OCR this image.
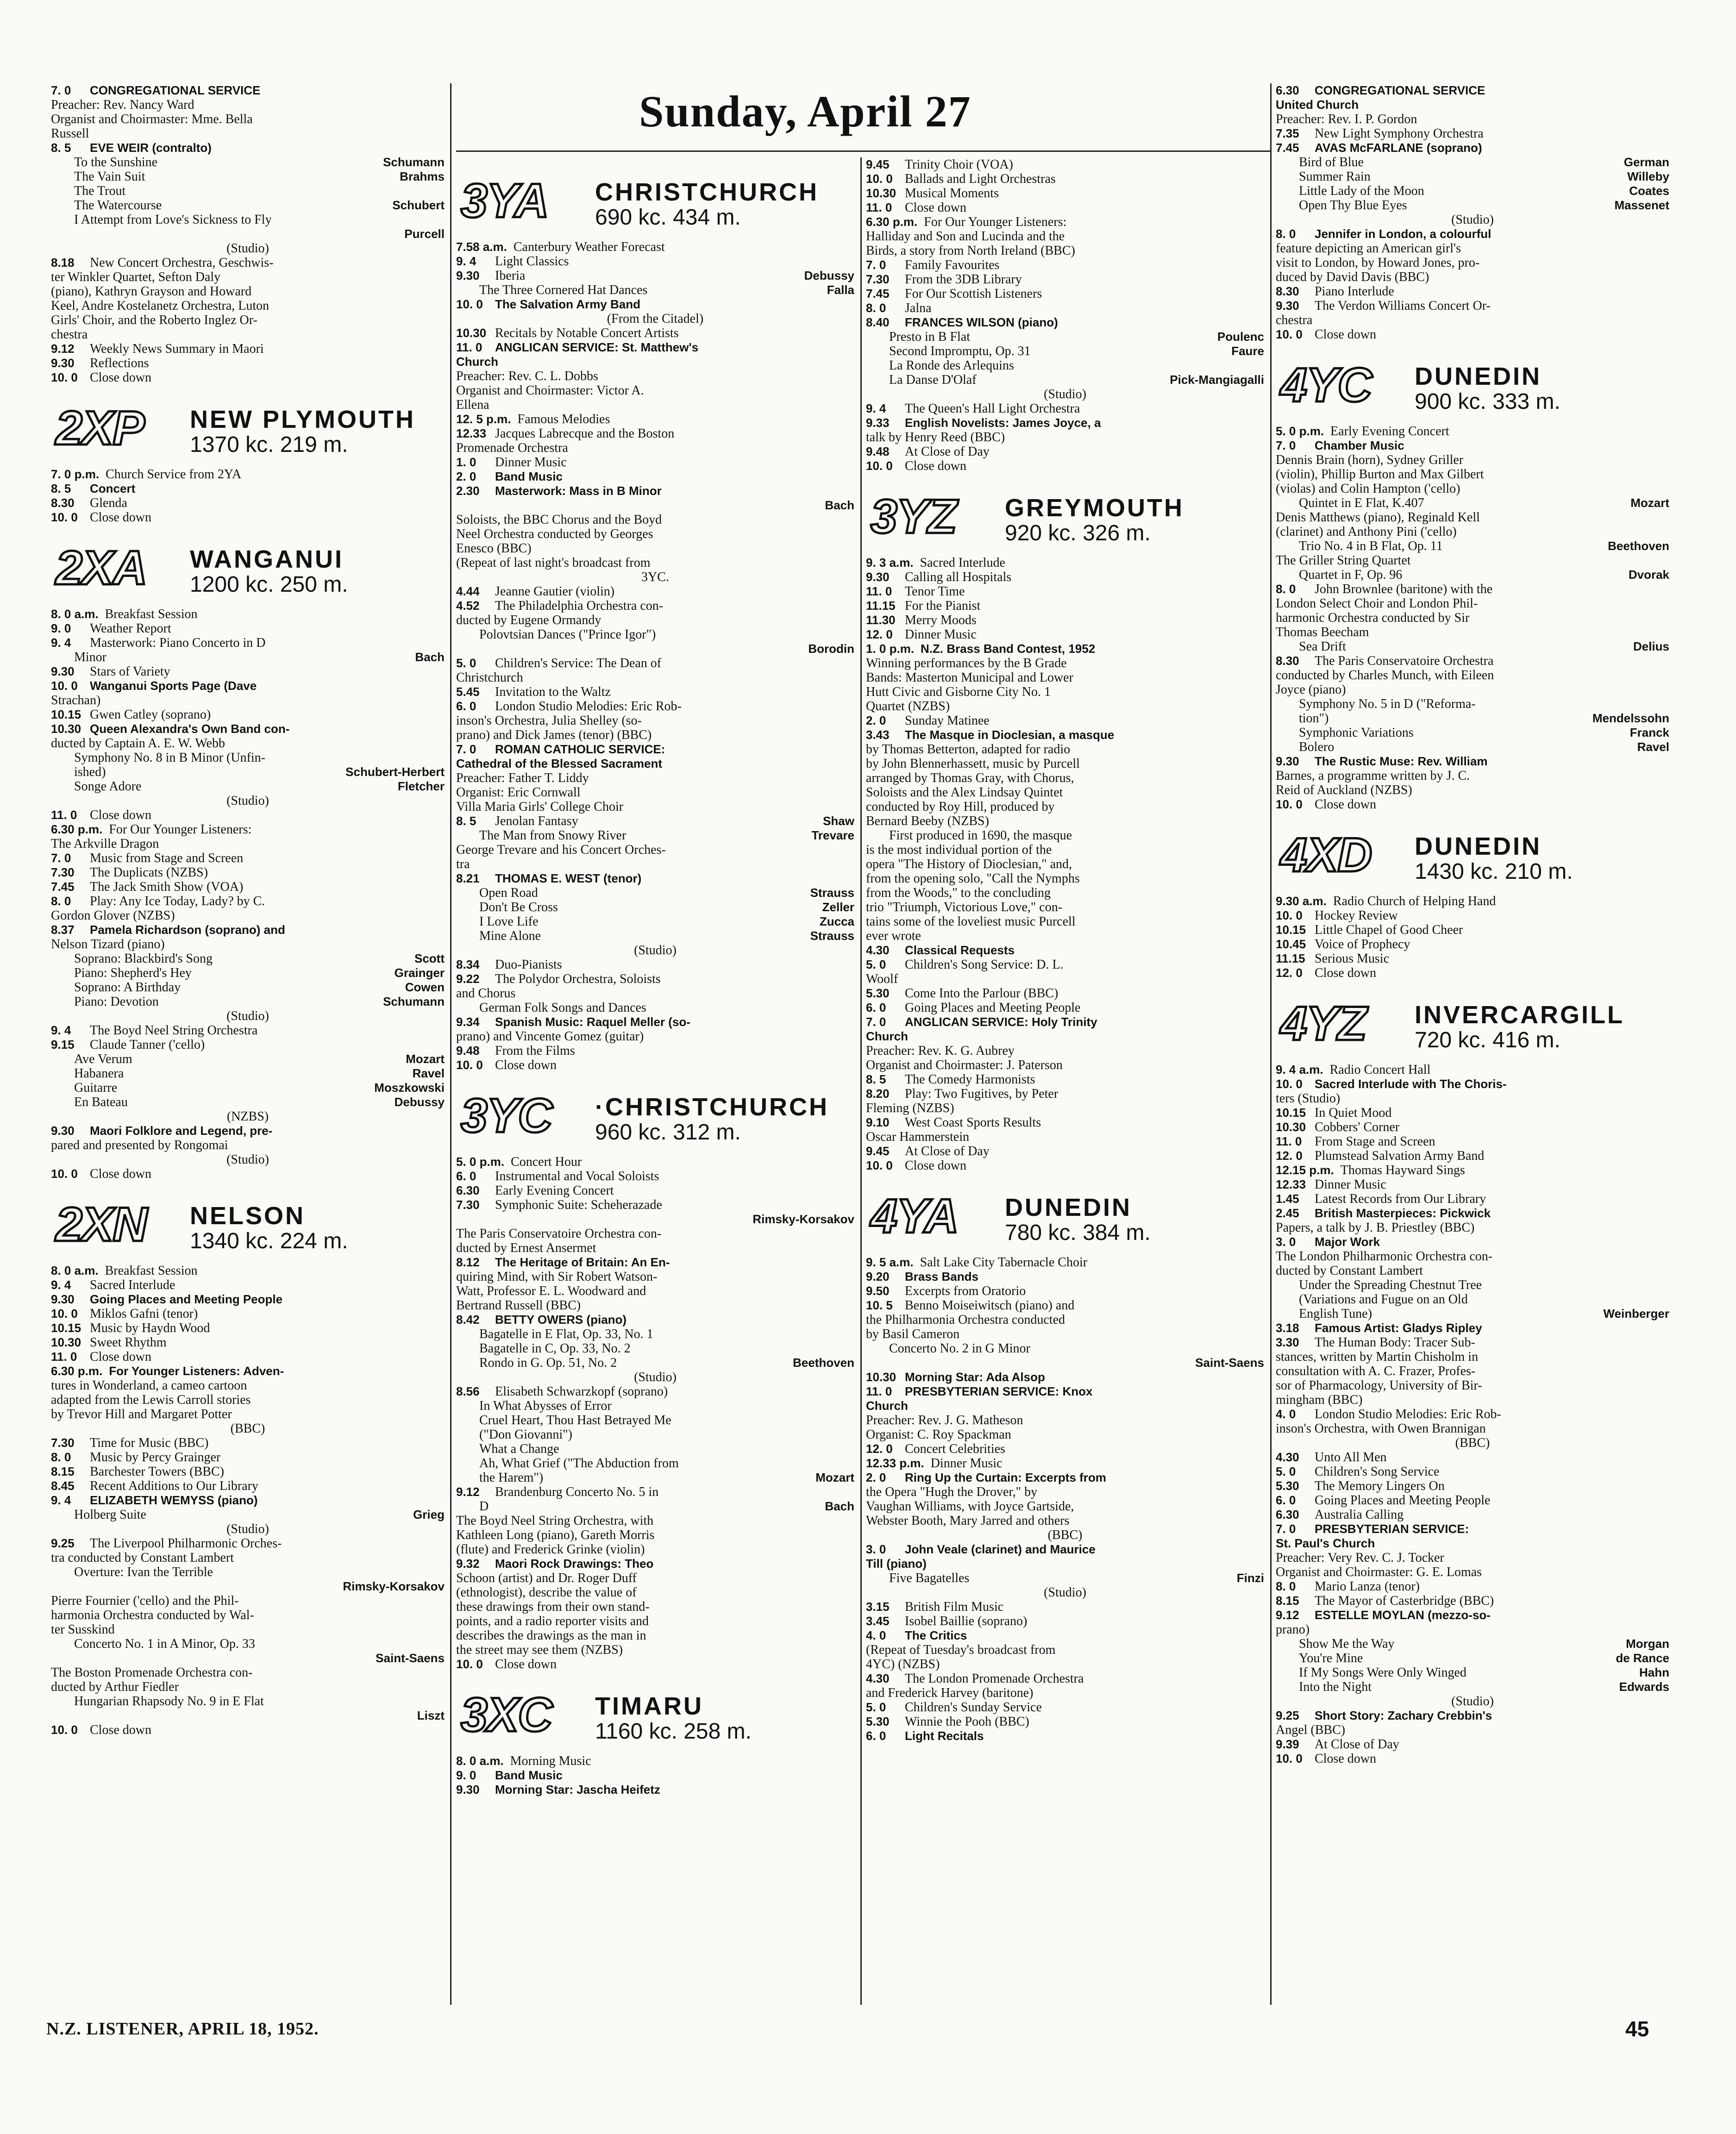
Sunday, April 27
7. 0 CONGREGATIONAL SERVICE
Preacher: Rev. Nancy Ward
Organist and Choirmaster: Mme. Bella
Russell
8. 5 EVE WEIR (contralto)
To the Sunshine	Schumann
The Vain Suit	Brahms
The Trout
The Watercourse	Schubert
I Attempt from Love's Sickness to Fly
Purcell
(Studio)
8.18 New Concert Orchestra, Geschwis-
ter Winkler Quartet, Sefton Daly
(piano), Kathryn Grayson and Howard
Keel, Andre Kostelanetz Orchestra, Luton
Girls' Choir, and the Roberto Inglez Or-
chestra
9.12 Weekly News Summary in Maori
9.30 Reflections
10. 0 Close down
2XP	NEW PLYMOUTH
1370 kc. 219 m.
7. 0 p.m. Church Service from 2YA
8. 5 Concert
8.30 Glenda
10. 0 Close down
2XA	WANGANUI
1200 kc. 250 m.
8. 0 a.m. Breakfast Session
9. 0 Weather Report
9. 4 Masterwork: Piano Concerto in D
Minor	Bach
9.30 Stars of Variety
10. 0 Wanganui Sports Page (Dave
Strachan)
10.15 Gwen Catley (soprano)
10.30 Queen Alexandra's Own Band con-
ducted by Captain A. E. W. Webb
Symphony No. 8 in B Minor (Unfin-
ished)	Schubert-Herbert
Songe Adore	Fletcher
(Studio)
11. 0 Close down
6.30 p.m. For Our Younger Listeners:
The Arkville Dragon
7. 0 Music from Stage and Screen
7.30 The Duplicats (NZBS)
7.45 The Jack Smith Show (VOA)
8. 0 Play: Any Ice Today, Lady? by C.
Gordon Glover (NZBS)
8.37 Pamela Richardson (soprano) and
Nelson Tizard (piano)
Soprano: Blackbird's Song	Scott
Piano: Shepherd's Hey	Grainger
Soprano: A Birthday	Cowen
Piano: Devotion	Schumann
(Studio)
9. 4 The Boyd Neel String Orchestra
9.15 Claude Tanner ('cello)
Ave Verum	Mozart
Habanera	Ravel
Guitarre	Moszkowski
En Bateau	Debussy
(NZBS)
9.30 Maori Folklore and Legend, pre-
pared and presented by Rongomai
(Studio)
10. 0 Close down
2XN	NELSON
1340 kc. 224 m.
8. 0 a.m. Breakfast Session
9. 4 Sacred Interlude
9.30 Going Places and Meeting People
10. 0 Miklos Gafni (tenor)
10.15 Music by Haydn Wood
10.30 Sweet Rhythm
11. 0 Close down
6.30 p.m. For Younger Listeners: Adven-
tures in Wonderland, a cameo cartoon
adapted from the Lewis Carroll stories
by Trevor Hill and Margaret Potter
(BBC)
7.30 Time for Music (BBC)
8. 0 Music by Percy Grainger
8.15 Barchester Towers (BBC)
8.45 Recent Additions to Our Library
9. 4 ELIZABETH WEMYSS (piano)
Holberg Suite	Grieg
(Studio)
9.25 The Liverpool Philharmonic Orches-
tra conducted by Constant Lambert
Overture: Ivan the Terrible
Rimsky-Korsakov
Pierre Fournier ('cello) and the Phil-
harmonia Orchestra conducted by Wal-
ter Susskind
Concerto No. 1 in A Minor, Op. 33
Saint-Saens
The Boston Promenade Orchestra con-
ducted by Arthur Fiedler
Hungarian Rhapsody No. 9 in E Flat
Liszt
10. 0 Close down
3YA	CHRISTCHURCH
690 kc. 434 m.
7.58 a.m. Canterbury Weather Forecast
9. 4 Light Classics
9.30 Iberia	Debussy
The Three Cornered Hat Dances	Falla
10. 0 The Salvation Army Band
(From the Citadel)
10.30 Recitals by Notable Concert Artists
11. 0 ANGLICAN SERVICE: St. Matthew's
Church
Preacher: Rev. C. L. Dobbs
Organist and Choirmaster: Victor A.
Ellena
12. 5 p.m. Famous Melodies
12.33 Jacques Labrecque and the Boston
Promenade Orchestra
1. 0 Dinner Music
2. 0 Band Music
2.30 Masterwork: Mass in B Minor
Bach
Soloists, the BBC Chorus and the Boyd
Neel Orchestra conducted by Georges
Enesco (BBC)
(Repeat of last night's broadcast from
3YC.
4.44 Jeanne Gautier (violin)
4.52 The Philadelphia Orchestra con-
ducted by Eugene Ormandy
Polovtsian Dances ("Prince Igor")
Borodin
5. 0 Children's Service: The Dean of
Christchurch
5.45 Invitation to the Waltz
6. 0 London Studio Melodies: Eric Rob-
inson's Orchestra, Julia Shelley (so-
prano) and Dick James (tenor) (BBC)
7. 0 ROMAN CATHOLIC SERVICE:
Cathedral of the Blessed Sacrament
Preacher: Father T. Liddy
Organist: Eric Cornwall
Villa Maria Girls' College Choir
8. 5 Jenolan Fantasy	Shaw
The Man from Snowy River	Trevare
George Trevare and his Concert Orches-
tra
8.21 THOMAS E. WEST (tenor)
Open Road	Strauss
Don't Be Cross	Zeller
I Love Life	Zucca
Mine Alone	Strauss
(Studio)
8.34 Duo-Pianists
9.22 The Polydor Orchestra, Soloists
and Chorus
German Folk Songs and Dances
9.34 Spanish Music: Raquel Meller (so-
prano) and Vincente Gomez (guitar)
9.48 From the Films
10. 0 Close down
3YC	·CHRISTCHURCH
960 kc. 312 m.
5. 0 p.m. Concert Hour
6. 0 Instrumental and Vocal Soloists
6.30 Early Evening Concert
7.30 Symphonic Suite: Scheherazade
Rimsky-Korsakov
The Paris Conservatoire Orchestra con-
ducted by Ernest Ansermet
8.12 The Heritage of Britain: An En-
quiring Mind, with Sir Robert Watson-
Watt, Professor E. L. Woodward and
Bertrand Russell (BBC)
8.42 BETTY OWERS (piano)
Bagatelle in E Flat, Op. 33, No. 1
Bagatelle in C, Op. 33, No. 2
Rondo in G. Op. 51, No. 2	Beethoven
(Studio)
8.56 Elisabeth Schwarzkopf (soprano)
In What Abysses of Error
Cruel Heart, Thou Hast Betrayed Me
("Don Giovanni")
What a Change
Ah, What Grief ("The Abduction from
the Harem")	Mozart
9.12 Brandenburg Concerto No. 5 in
D	Bach
The Boyd Neel String Orchestra, with
Kathleen Long (piano), Gareth Morris
(flute) and Frederick Grinke (violin)
9.32 Maori Rock Drawings: Theo
Schoon (artist) and Dr. Roger Duff
(ethnologist), describe the value of
these drawings from their own stand-
points, and a radio reporter visits and
describes the drawings as the man in
the street may see them (NZBS)
10. 0 Close down
3XC	TIMARU
1160 kc. 258 m.
8. 0 a.m. Morning Music
9. 0 Band Music
9.30 Morning Star: Jascha Heifetz
9.45 Trinity Choir (VOA)
10. 0 Ballads and Light Orchestras
10.30 Musical Moments
11. 0 Close down
6.30 p.m. For Our Younger Listeners:
Halliday and Son and Lucinda and the
Birds, a story from North Ireland (BBC)
7. 0 Family Favourites
7.30 From the 3DB Library
7.45 For Our Scottish Listeners
8. 0 Jalna
8.40 FRANCES WILSON (piano)
Presto in B Flat	Poulenc
Second Impromptu, Op. 31	Faure
La Ronde des Arlequins
La Danse D'Olaf	Pick-Mangiagalli
(Studio)
9. 4 The Queen's Hall Light Orchestra
9.33 English Novelists: James Joyce, a
talk by Henry Reed (BBC)
9.48 At Close of Day
10. 0 Close down
3YZ	GREYMOUTH
920 kc. 326 m.
9. 3 a.m. Sacred Interlude
9.30 Calling all Hospitals
11. 0 Tenor Time
11.15 For the Pianist
11.30 Merry Moods
12. 0 Dinner Music
1. 0 p.m. N.Z. Brass Band Contest, 1952
Winning performances by the B Grade
Bands: Masterton Municipal and Lower
Hutt Civic and Gisborne City No. 1
Quartet (NZBS)
2. 0 Sunday Matinee
3.43 The Masque in Dioclesian, a masque
by Thomas Betterton, adapted for radio
by John Blennerhassett, music by Purcell
arranged by Thomas Gray, with Chorus,
Soloists and the Alex Lindsay Quintet
conducted by Roy Hill, produced by
Bernard Beeby (NZBS)
First produced in 1690, the masque
is the most individual portion of the
opera "The History of Dioclesian," and,
from the opening solo, "Call the Nymphs
from the Woods," to the concluding
trio "Triumph, Victorious Love," con-
tains some of the loveliest music Purcell
ever wrote
4.30 Classical Requests
5. 0 Children's Song Service: D. L.
Woolf
5.30 Come Into the Parlour (BBC)
6. 0 Going Places and Meeting People
7. 0 ANGLICAN SERVICE: Holy Trinity
Church
Preacher: Rev. K. G. Aubrey
Organist and Choirmaster: J. Paterson
8. 5 The Comedy Harmonists
8.20 Play: Two Fugitives, by Peter
Fleming (NZBS)
9.10 West Coast Sports Results
Oscar Hammerstein
9.45 At Close of Day
10. 0 Close down
4YA	DUNEDIN
780 kc. 384 m.
9. 5 a.m. Salt Lake City Tabernacle Choir
9.20 Brass Bands
9.50 Excerpts from Oratorio
10. 5 Benno Moiseiwitsch (piano) and
the Philharmonia Orchestra conducted
by Basil Cameron
Concerto No. 2 in G Minor
Saint-Saens
10.30 Morning Star: Ada Alsop
11. 0 PRESBYTERIAN SERVICE: Knox
Church
Preacher: Rev. J. G. Matheson
Organist: C. Roy Spackman
12. 0 Concert Celebrities
12.33 p.m. Dinner Music
2. 0 Ring Up the Curtain: Excerpts from
the Opera "Hugh the Drover," by
Vaughan Williams, with Joyce Gartside,
Webster Booth, Mary Jarred and others
(BBC)
3. 0 John Veale (clarinet) and Maurice
Till (piano)
Five Bagatelles	Finzi
(Studio)
3.15 British Film Music
3.45 Isobel Baillie (soprano)
4. 0 The Critics
(Repeat of Tuesday's broadcast from
4YC) (NZBS)
4.30 The London Promenade Orchestra
and Frederick Harvey (baritone)
5. 0 Children's Sunday Service
5.30 Winnie the Pooh (BBC)
6. 0 Light Recitals
6.30 CONGREGATIONAL SERVICE
United Church
Preacher: Rev. I. P. Gordon
7.35 New Light Symphony Orchestra
7.45 AVAS McFARLANE (soprano)
Bird of Blue	German
Summer Rain	Willeby
Little Lady of the Moon	Coates
Open Thy Blue Eyes	Massenet
(Studio)
8. 0 Jennifer in London, a colourful
feature depicting an American girl's
visit to London, by Howard Jones, pro-
duced by David Davis (BBC)
8.30 Piano Interlude
9.30 The Verdon Williams Concert Or-
chestra
10. 0 Close down
4YC	DUNEDIN
900 kc. 333 m.
5. 0 p.m. Early Evening Concert
7. 0 Chamber Music
Dennis Brain (horn), Sydney Griller
(violin), Phillip Burton and Max Gilbert
(violas) and Colin Hampton ('cello)
Quintet in E Flat, K.407	Mozart
Denis Matthews (piano), Reginald Kell
(clarinet) and Anthony Pini ('cello)
Trio No. 4 in B Flat, Op. 11	Beethoven
The Griller String Quartet
Quartet in F, Op. 96	Dvorak
8. 0 John Brownlee (baritone) with the
London Select Choir and London Phil-
harmonic Orchestra conducted by Sir
Thomas Beecham
Sea Drift	Delius
8.30 The Paris Conservatoire Orchestra
conducted by Charles Munch, with Eileen
Joyce (piano)
Symphony No. 5 in D ("Reforma-
tion")	Mendelssohn
Symphonic Variations	Franck
Bolero	Ravel
9.30 The Rustic Muse: Rev. William
Barnes, a programme written by J. C.
Reid of Auckland (NZBS)
10. 0 Close down
4XD	DUNEDIN
1430 kc. 210 m.
9.30 a.m. Radio Church of Helping Hand
10. 0 Hockey Review
10.15 Little Chapel of Good Cheer
10.45 Voice of Prophecy
11.15 Serious Music
12. 0 Close down
4YZ	INVERCARGILL
720 kc. 416 m.
9. 4 a.m. Radio Concert Hall
10. 0 Sacred Interlude with The Choris-
ters (Studio)
10.15 In Quiet Mood
10.30 Cobbers' Corner
11. 0 From Stage and Screen
12. 0 Plumstead Salvation Army Band
12.15 p.m. Thomas Hayward Sings
12.33 Dinner Music
1.45 Latest Records from Our Library
2.45 British Masterpieces: Pickwick
Papers, a talk by J. B. Priestley (BBC)
3. 0 Major Work
The London Philharmonic Orchestra con-
ducted by Constant Lambert
Under the Spreading Chestnut Tree
(Variations and Fugue on an Old
English Tune)	Weinberger
3.18 Famous Artist: Gladys Ripley
3.30 The Human Body: Tracer Sub-
stances, written by Martin Chisholm in
consultation with A. C. Frazer, Profes-
sor of Pharmacology, University of Bir-
mingham (BBC)
4. 0 London Studio Melodies: Eric Rob-
inson's Orchestra, with Owen Brannigan
(BBC)
4.30 Unto All Men
5. 0 Children's Song Service
5.30 The Memory Lingers On
6. 0 Going Places and Meeting People
6.30 Australia Calling
7. 0 PRESBYTERIAN SERVICE:
St. Paul's Church
Preacher: Very Rev. C. J. Tocker
Organist and Choirmaster: G. E. Lomas
8. 0 Mario Lanza (tenor)
8.15 The Mayor of Casterbridge (BBC)
9.12 ESTELLE MOYLAN (mezzo-so-
prano)
Show Me the Way	Morgan
You're Mine	de Rance
If My Songs Were Only Winged	Hahn
Into the Night	Edwards
(Studio)
9.25 Short Story: Zachary Crebbin's
Angel (BBC)
9.39 At Close of Day
10. 0 Close down
N.Z. LISTENER, APRIL 18, 1952.	45
